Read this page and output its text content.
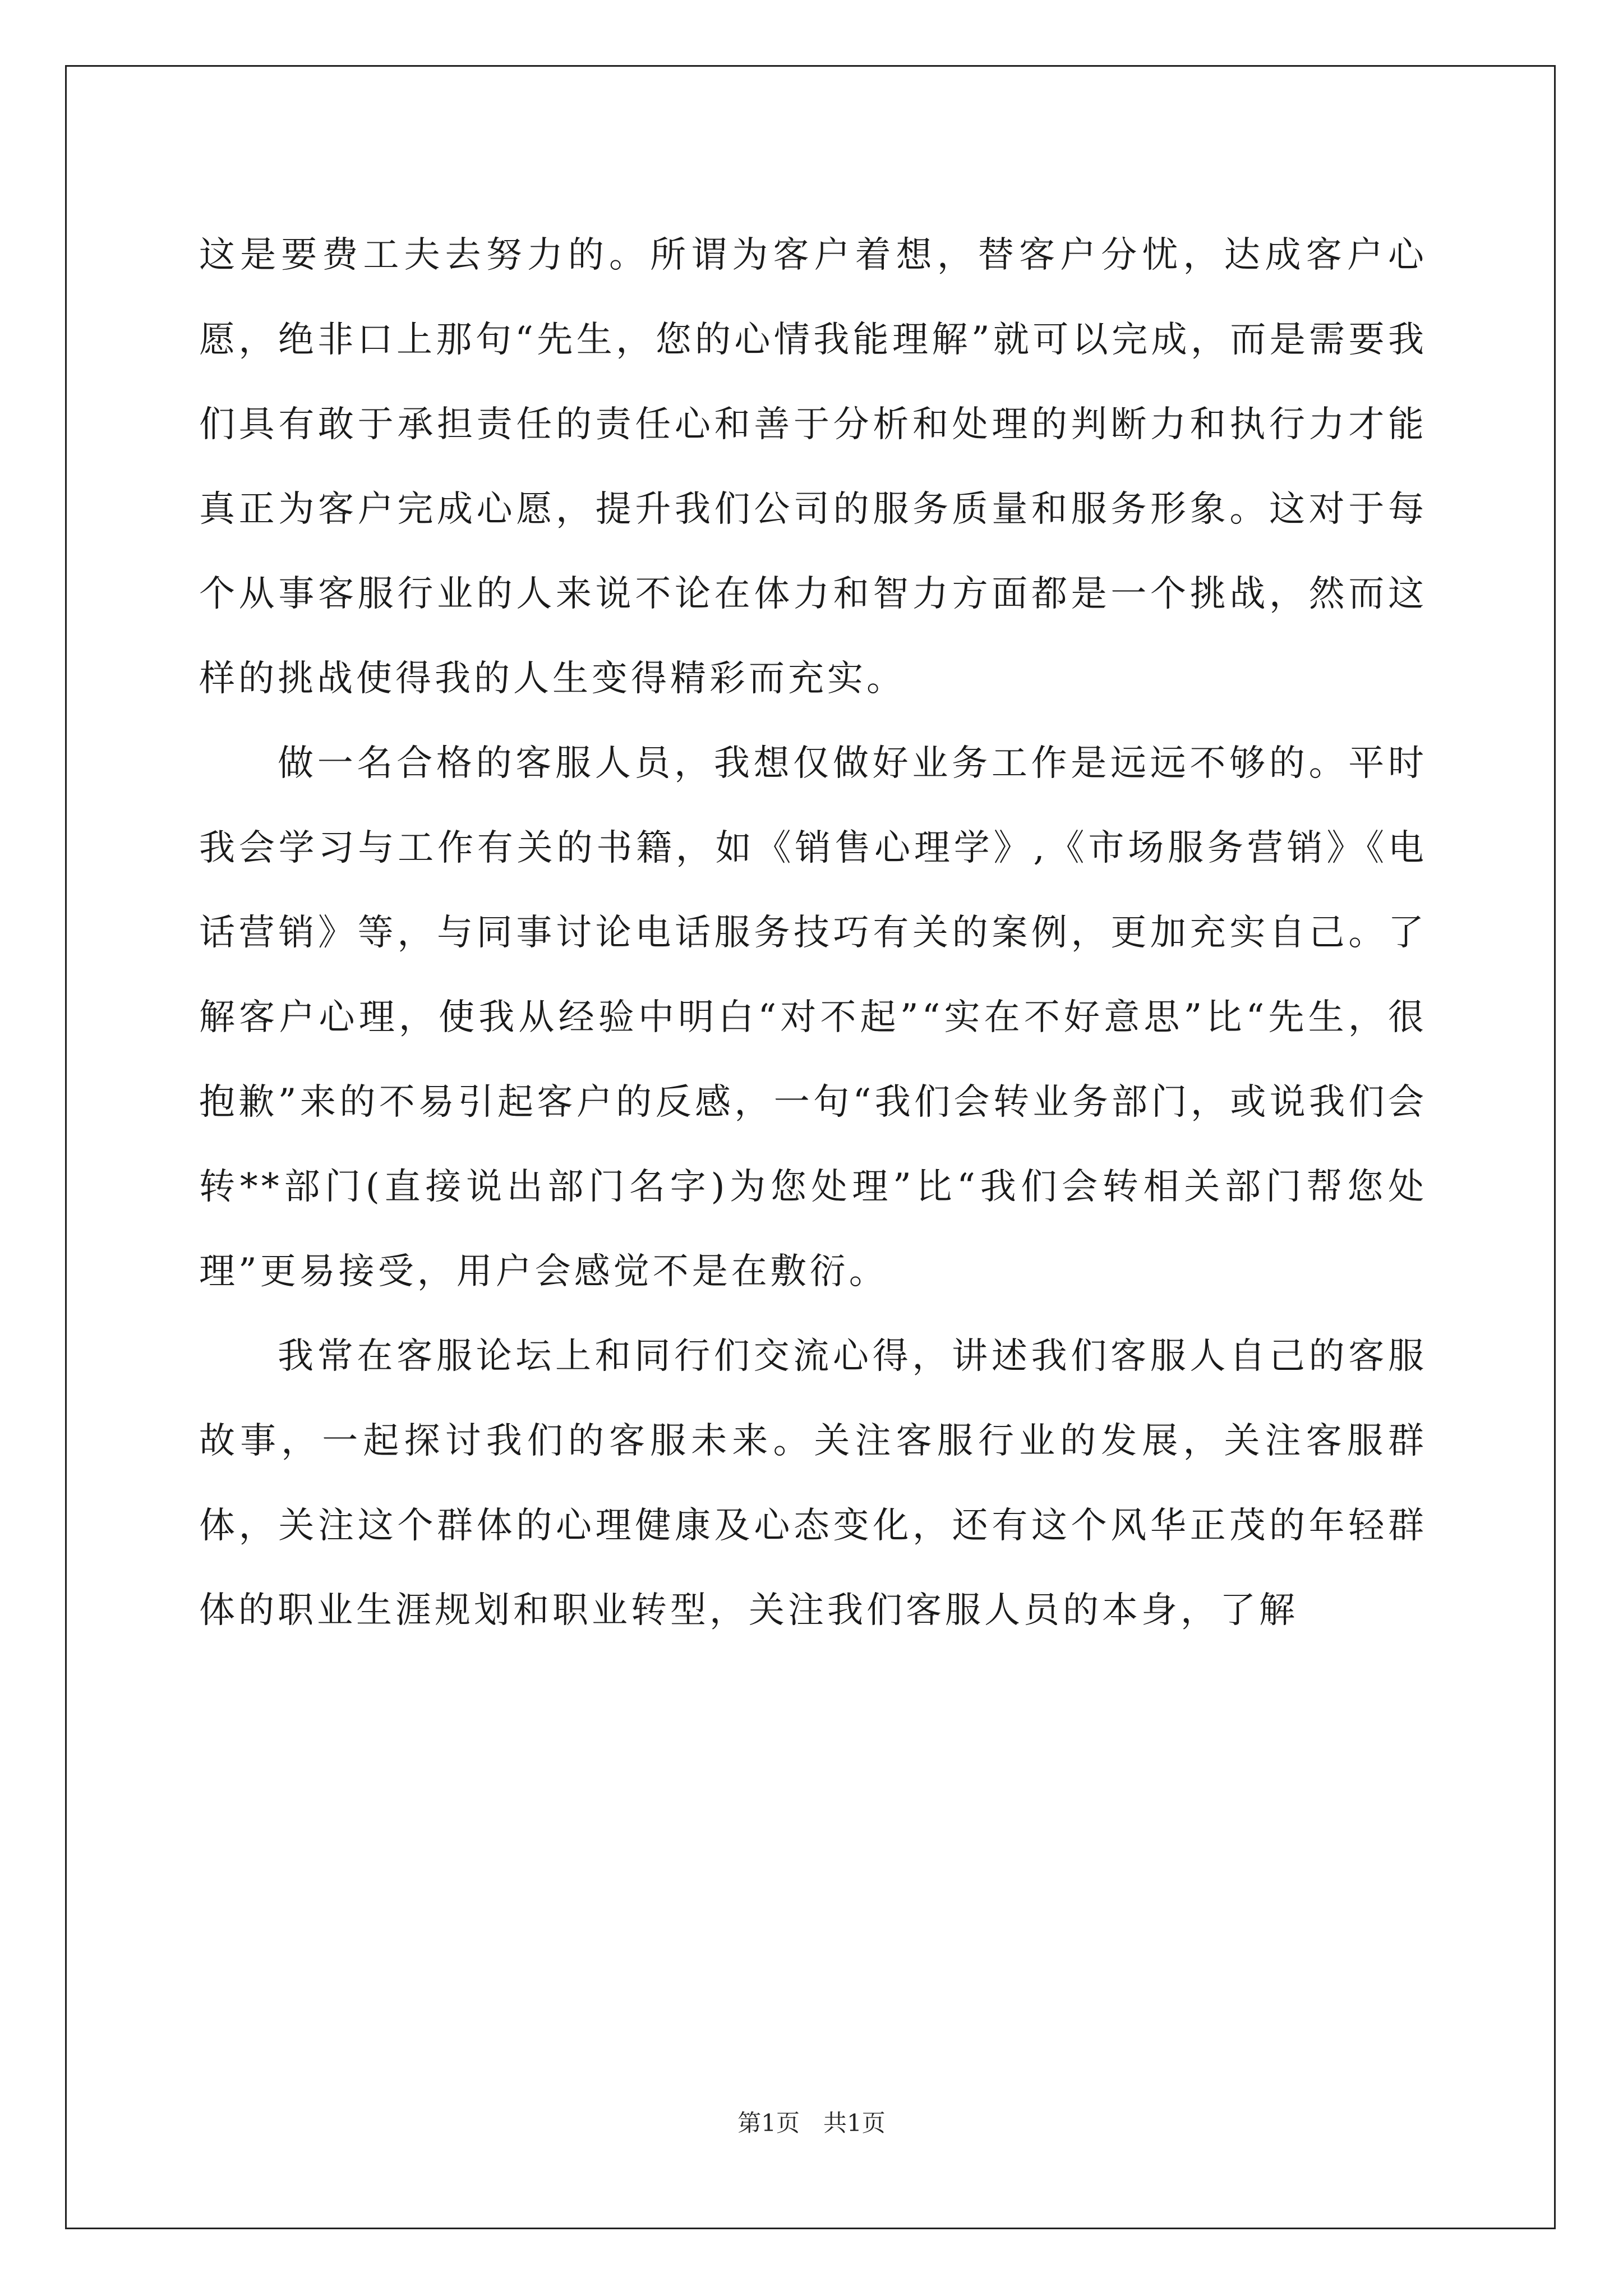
这是要费工夫去努力的。所谓为客户着想，替客户分忧，达成客户心愿，绝非口上那句“先生，您的心情我能理解”就可以完成，而是需要我们具有敢于承担责任的责任心和善于分析和处理的判断力和执行力才能真正为客户完成心愿，提升我们公司的服务质量和服务形象。这对于每个从事客服行业的人来说不论在体力和智力方面都是一个挑战，然而这样的挑战使得我的人生变得精彩而充实。

做一名合格的客服人员，我想仅做好业务工作是远远不够的。平时我会学习与工作有关的书籍，如《销售心理学》,《市场服务营销》《电话营销》等，与同事讨论电话服务技巧有关的案例，更加充实自己。了解客户心理，使我从经验中明白“对不起”“实在不好意思”比“先生，很抱歉”来的不易引起客户的反感，一句“我们会转业务部门，或说我们会转**部门(直接说出部门名字)为您处理”比“我们会转相关部门帮您处理”更易接受，用户会感觉不是在敷衍。

我常在客服论坛上和同行们交流心得，讲述我们客服人自己的客服故事，一起探讨我们的客服未来。关注客服行业的发展，关注客服群体，关注这个群体的心理健康及心态变化，还有这个风华正茂的年轻群体的职业生涯规划和职业转型，关注我们客服人员的本身，了解

第1页　共1页
